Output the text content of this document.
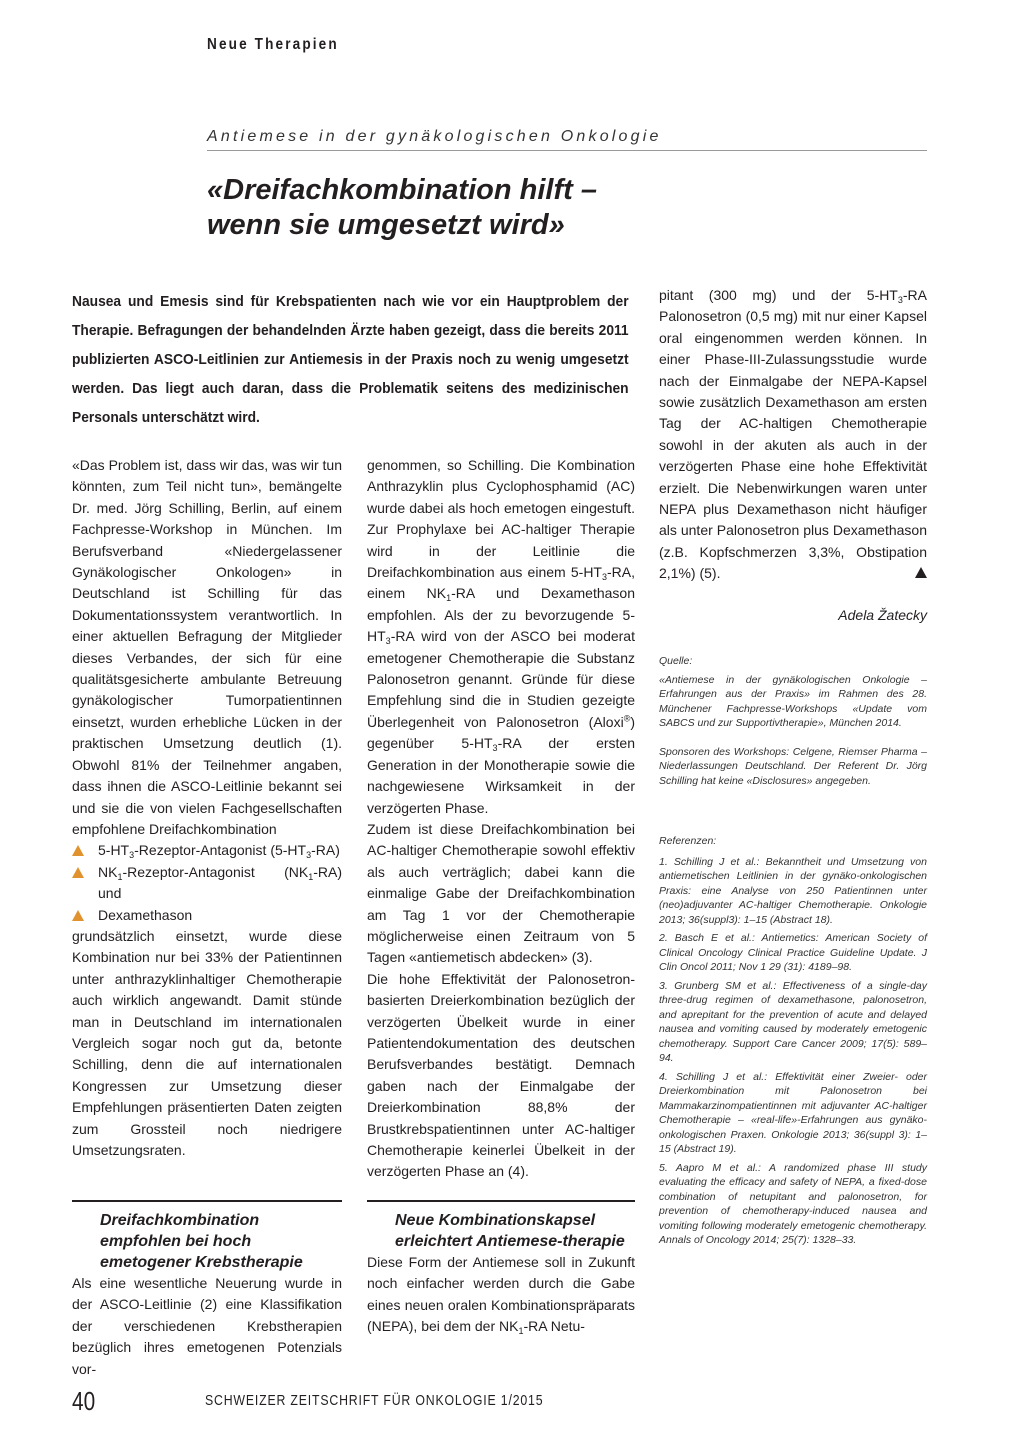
Neue Therapien
Antiemese in der gynäkologischen Onkologie
«Dreifachkombination hilft –
wenn sie umgesetzt wird»
Nausea und Emesis sind für Krebspatienten nach wie vor ein Hauptproblem der Therapie. Befragungen der behandelnden Ärzte haben gezeigt, dass die bereits 2011 publizierten ASCO-Leitlinien zur Antiemesis in der Praxis noch zu wenig umgesetzt werden. Das liegt auch daran, dass die Problematik seitens des medizinischen Personals unterschätzt wird.

«Das Problem ist, dass wir das, was wir tun könnten, zum Teil nicht tun», bemängelte Dr. med. Jörg Schilling, Berlin, auf einem Fachpresse-Workshop in München. Im Berufsverband «Niedergelassener Gynäkologischer Onkologen» in Deutschland ist Schilling für das Dokumentationssystem verantwortlich. In einer aktuellen Befragung der Mitglieder dieses Verbandes, der sich für eine qualitätsgesicherte ambulante Betreuung gynäkologischer Tumorpatientinnen einsetzt, wurden erhebliche Lücken in der praktischen Umsetzung deutlich (1). Obwohl 81% der Teilnehmer angaben, dass ihnen die ASCO-Leitlinie bekannt sei und sie die von vielen Fachgesellschaften empfohlene Dreifachkombination

$5-HT_3-Rezeptor$-Antagonist $(5-HT_3-RA)$
$NK_1-Rezeptor$-Antagonist $(NK_1-RA)$ und
Dexamethason

grundsätzlich einsetzt, wurde diese Kombination nur bei 33% der Patientinnen unter anthrazyklinhaltiger Chemotherapie auch wirklich angewandt. Damit stünde man in Deutschland im internationalen Vergleich sogar noch gut da, betonte Schilling, denn die auf internationalen Kongressen zur Umsetzung dieser Empfehlungen präsentierten Daten zeigten zum Grossteil noch niedrigere Umsetzungsraten.

genommen, so Schilling. Die Kombination Anthrazyklin plus Cyclophosphamid (AC) wurde dabei als hoch emetogen eingestuft. Zur Prophylaxe bei AC-haltiger Therapie wird in der Leitlinie die Dreifachkombination aus einem $5-HT_3-RA$, einem $NK_1-RA$ und Dexamethason empfohlen. Als der zu bevorzugende $5-HT_3-RA$ wird von der ASCO bei moderat emetogener Chemotherapie die Substanz Palonosetron genannt. Gründe für diese Empfehlung sind die in Studien gezeigte Überlegenheit von Palonosetron (Aloxi®) gegenüber $5-HT_3-RA$ der ersten Generation in der Monotherapie sowie die nachgewiesene Wirksamkeit in der verzögerten Phase.

Zudem ist diese Dreifachkombination bei AC-haltiger Chemotherapie sowohl effektiv als auch verträglich; dabei kann die einmalige Gabe der Dreifachkombination am Tag 1 vor der Chemotherapie möglicherweise einen Zeitraum von 5 Tagen «antiemetisch abdecken» (3).

Die hohe Effektivität der Palonosetron-basierten Dreierkombination bezüglich der verzögerten Übelkeit wurde in einer Patientendokumentation des deutschen Berufsverbandes bestätigt. Demnach gaben nach der Einmalgabe der Dreierkombination 88,8% der Brustkrebspatientinnen unter AC-haltiger Chemotherapie keinerlei Übelkeit in der verzögerten Phase an (4).

Dreifachkombination empfohlen bei hoch emetogener Krebstherapie

Als eine wesentliche Neuerung wurde in der ASCO-Leitlinie (2) eine Klassifikation der verschiedenen Krebstherapien bezüglich ihres emetogenen Potenzials vor-

Neue Kombinationskapsel erleichtert Antiemese-therapie

Diese Form der Antiemese soll in Zukunft noch einfacher werden durch die Gabe eines neuen oralen Kombinationspräparats (NEPA), bei dem der $NK_1-RA$ Netu-

pitant (300 mg) und der $5-HT_3-RA$ Palonosetron (0,5 mg) mit nur einer Kapsel oral eingenommen werden können. In einer Phase-III-Zulassungsstudie wurde nach der Einmalgabe der NEPA-Kapsel sowie zusätzlich Dexamethason am ersten Tag der AC-haltigen Chemotherapie sowohl in der akuten als auch in der verzögerten Phase eine hohe Effektivität erzielt. Die Nebenwirkungen waren unter NEPA plus Dexamethason nicht häufiger als unter Palonosetron plus Dexamethason (z.B. Kopfschmerzen 3,3%, Obstipation 2,1%) (5).

Adela Žatecky

Quelle:

«Antiemese in der gynäkologischen Onkologie – Erfahrungen aus der Praxis» im Rahmen des 28. Münchener Fachpresse-Workshops «Update vom SABCS und zur Supportivtherapie», München 2014.

Sponsoren des Workshops: Celgene, Riemser Pharma – Niederlassungen Deutschland. Der Referent Dr. Jörg Schilling hat keine «Disclosures» angegeben.

Referenzen:

1. Schilling J et al.: Bekanntheit und Umsetzung von antiemetischen Leitlinien in der gynäko-onkologischen Praxis: eine Analyse von 250 Patientinnen unter (neo)adjuvanter AC-haltiger Chemotherapie. Onkologie 2013; 36(suppl3): 1–15 (Abstract 18).
2. Basch E et al.: Antiemetics: American Society of Clinical Oncology Clinical Practice Guideline Update. J Clin Oncol 2011; Nov 1 29 (31): 4189–98.
3. Grunberg SM et al.: Effectiveness of a single-day three-drug regimen of dexamethasone, palonosetron, and aprepitant for the prevention of acute and delayed nausea and vomiting caused by moderately emetogenic chemotherapy. Support Care Cancer 2009; 17(5): 589–94.
4. Schilling J et al.: Effektivität einer Zweier- oder Dreierkombination mit Palonosetron bei Mammakarzinompatientinnen mit adjuvanter AC-haltiger Chemotherapie – «real-life»-Erfahrungen aus gynäko-onkologischen Praxen. Onkologie 2013; 36(suppl 3): 1–15 (Abstract 19).
5. Aapro M et al.: A randomized phase III study evaluating the efficacy and safety of NEPA, a fixed-dose combination of netupitant and palonosetron, for prevention of chemotherapy-induced nausea and vomiting following moderately emetogenic chemotherapy. Annals of Oncology 2014; 25(7): 1328–33.
40	SCHWEIZER ZEITSCHRIFT FÜR ONKOLOGIE 1/2015
